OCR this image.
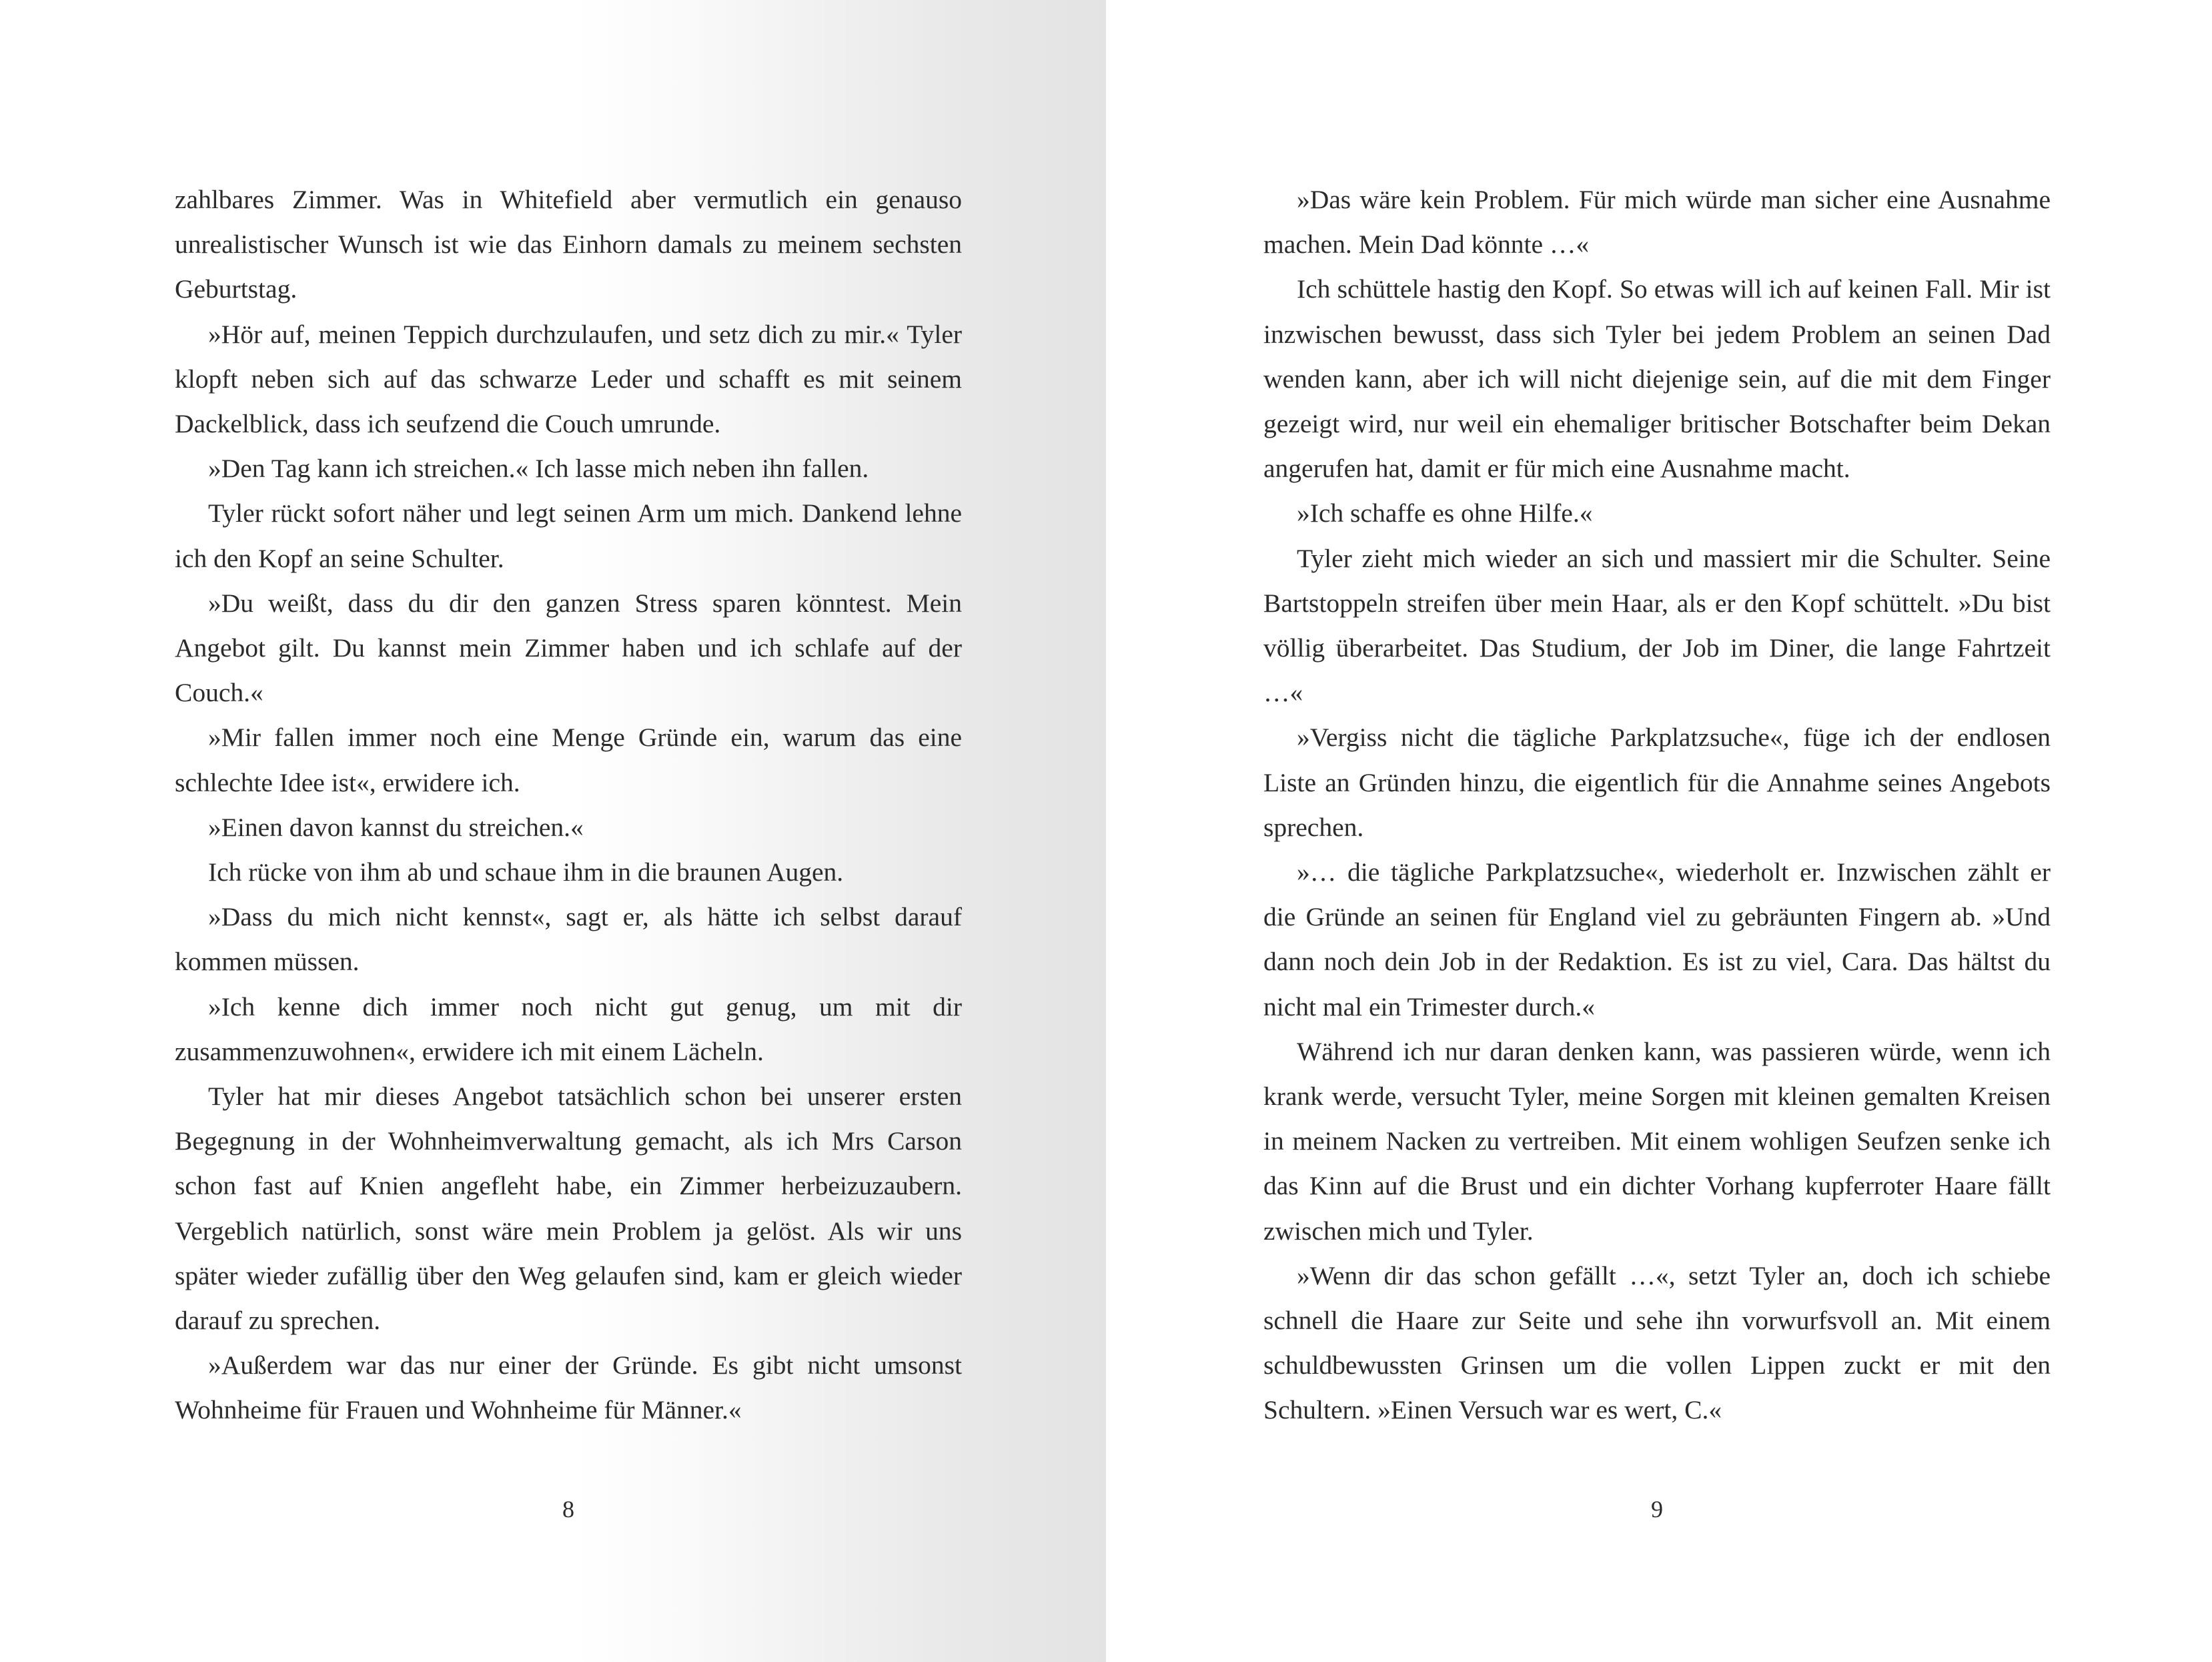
zahlbares Zimmer. Was in Whitefield aber vermutlich ein genauso unrealistischer Wunsch ist wie das Einhorn damals zu meinem sechsten Geburtstag.

»Hör auf, meinen Teppich durchzulaufen, und setz dich zu mir.« Tyler klopft neben sich auf das schwarze Leder und schafft es mit seinem Dackelblick, dass ich seufzend die Couch umrunde.

»Den Tag kann ich streichen.« Ich lasse mich neben ihn fallen.

Tyler rückt sofort näher und legt seinen Arm um mich. Dankend lehne ich den Kopf an seine Schulter.

»Du weißt, dass du dir den ganzen Stress sparen könntest. Mein Angebot gilt. Du kannst mein Zimmer haben und ich schlafe auf der Couch.«

»Mir fallen immer noch eine Menge Gründe ein, warum das eine schlechte Idee ist«, erwidere ich.

»Einen davon kannst du streichen.«

Ich rücke von ihm ab und schaue ihm in die braunen Augen.

»Dass du mich nicht kennst«, sagt er, als hätte ich selbst darauf kommen müssen.

»Ich kenne dich immer noch nicht gut genug, um mit dir zusammenzuwohnen«, erwidere ich mit einem Lächeln.

Tyler hat mir dieses Angebot tatsächlich schon bei unserer ersten Begegnung in der Wohnheimverwaltung gemacht, als ich Mrs Carson schon fast auf Knien angefleht habe, ein Zimmer herbeizuzaubern. Vergeblich natürlich, sonst wäre mein Problem ja gelöst. Als wir uns später wieder zufällig über den Weg gelaufen sind, kam er gleich wieder darauf zu sprechen.

»Außerdem war das nur einer der Gründe. Es gibt nicht umsonst Wohnheime für Frauen und Wohnheime für Männer.«

8

»Das wäre kein Problem. Für mich würde man sicher eine Ausnahme machen. Mein Dad könnte …«

Ich schüttele hastig den Kopf. So etwas will ich auf keinen Fall. Mir ist inzwischen bewusst, dass sich Tyler bei jedem Problem an seinen Dad wenden kann, aber ich will nicht diejenige sein, auf die mit dem Finger gezeigt wird, nur weil ein ehemaliger britischer Botschafter beim Dekan angerufen hat, damit er für mich eine Ausnahme macht.

»Ich schaffe es ohne Hilfe.«

Tyler zieht mich wieder an sich und massiert mir die Schulter. Seine Bartstoppeln streifen über mein Haar, als er den Kopf schüttelt. »Du bist völlig überarbeitet. Das Studium, der Job im Diner, die lange Fahrtzeit …«

»Vergiss nicht die tägliche Parkplatzsuche«, füge ich der endlosen Liste an Gründen hinzu, die eigentlich für die Annahme seines Angebots sprechen.

»… die tägliche Parkplatzsuche«, wiederholt er. Inzwischen zählt er die Gründe an seinen für England viel zu gebräunten Fingern ab. »Und dann noch dein Job in der Redaktion. Es ist zu viel, Cara. Das hältst du nicht mal ein Trimester durch.«

Während ich nur daran denken kann, was passieren würde, wenn ich krank werde, versucht Tyler, meine Sorgen mit kleinen gemalten Kreisen in meinem Nacken zu vertreiben. Mit einem wohligen Seufzen senke ich das Kinn auf die Brust und ein dichter Vorhang kupferroter Haare fällt zwischen mich und Tyler.

»Wenn dir das schon gefällt …«, setzt Tyler an, doch ich schiebe schnell die Haare zur Seite und sehe ihn vorwurfsvoll an. Mit einem schuldbewussten Grinsen um die vollen Lippen zuckt er mit den Schultern. »Einen Versuch war es wert, C.«

9
